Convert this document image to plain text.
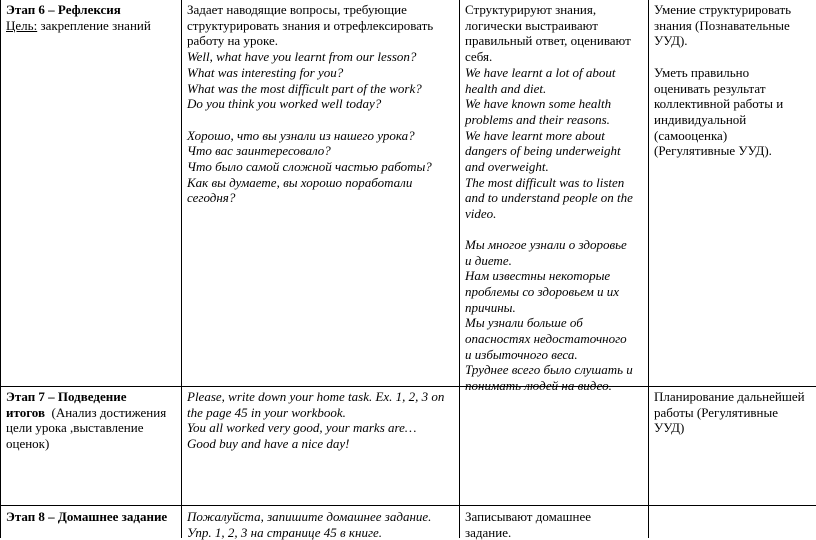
Этап 6 – Рефлексия
Цель: закрепление знаний
Задает наводящие вопросы, требующие
структурировать знания и отрефлексировать
работу на уроке.
Well, what have you learnt from our lesson?
What was interesting for you?
What was the most difficult part of the work?
Do you think you worked well today?
Хорошо, что вы узнали из нашего урока?
Что вас заинтересовало?
Что было самой сложной частью работы?
Как вы думаете, вы хорошо поработали
сегодня?
Структурируют знания,
логически выстраивают
правильный ответ, оценивают
себя.
We have learnt a lot of about
health and diet.
We have known some health
problems and their reasons.
We have learnt more about
dangers of being underweight
and overweight.
The most difficult was to listen
and to understand people on the
video.
Мы многое узнали о здоровье
и диете.
Нам известны некоторые
проблемы со здоровьем и их
причины.
Мы узнали больше об
опасностях недостаточного
и избыточного веса.
Труднее всего было слушать и
понимать людей на видео.
Умение структурировать
знания (Познавательные
УУД).
Уметь правильно
оценивать результат
коллективной работы и
индивидуальной
(самооценка)
(Регулятивные УУД).
Этап 7 – Подведение
итогов  (Анализ достижения
цели урока ,выставление
оценок)
Please, write down your home task. Ex. 1, 2, 3 on
the page 45 in your workbook.
You all worked very good, your marks are…
Good buy and have a nice day!
Планирование дальнейшей
работы (Регулятивные
УУД)
Этап 8 – Домашнее задание	Пожалуйста, запишите домашнее задание.
Упр. 1, 2, 3 на странице 45 в книге.
Записывают домашнее
задание.
